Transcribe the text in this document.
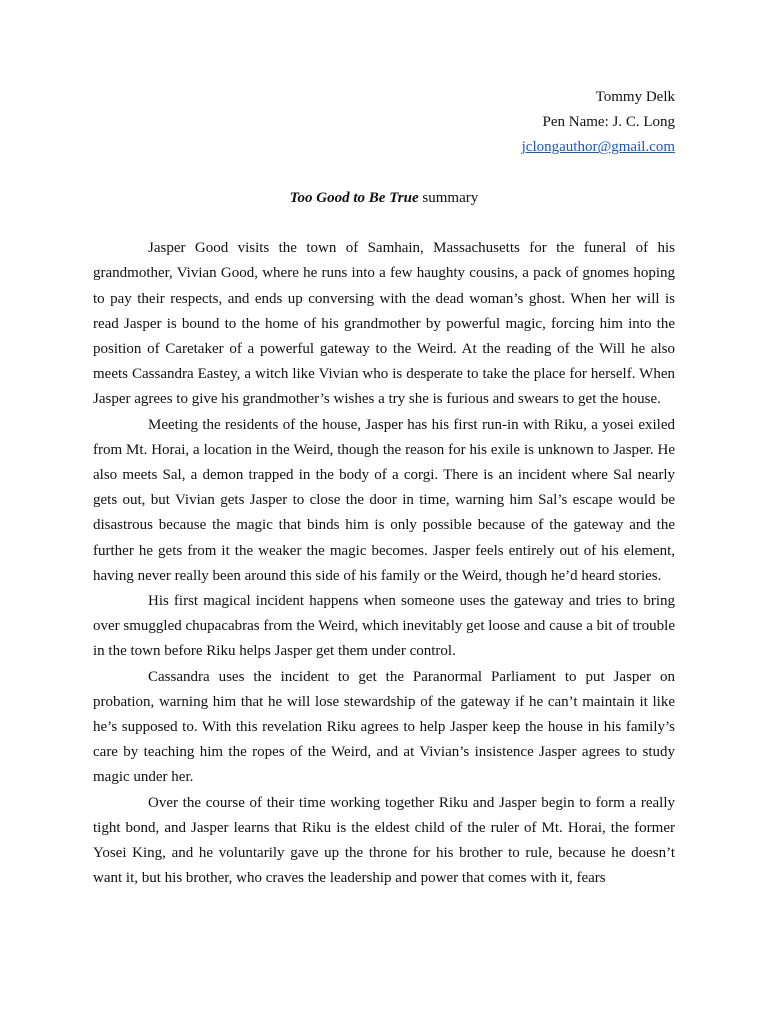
Tommy Delk
Pen Name: J. C. Long
jclongauthor@gmail.com
Too Good to Be True summary

Jasper Good visits the town of Samhain, Massachusetts for the funeral of his grandmother, Vivian Good, where he runs into a few haughty cousins, a pack of gnomes hoping to pay their respects, and ends up conversing with the dead woman’s ghost. When her will is read Jasper is bound to the home of his grandmother by powerful magic, forcing him into the position of Caretaker of a powerful gateway to the Weird. At the reading of the Will he also meets Cassandra Eastey, a witch like Vivian who is desperate to take the place for herself. When Jasper agrees to give his grandmother’s wishes a try she is furious and swears to get the house.

Meeting the residents of the house, Jasper has his first run-in with Riku, a yosei exiled from Mt. Horai, a location in the Weird, though the reason for his exile is unknown to Jasper. He also meets Sal, a demon trapped in the body of a corgi. There is an incident where Sal nearly gets out, but Vivian gets Jasper to close the door in time, warning him Sal’s escape would be disastrous because the magic that binds him is only possible because of the gateway and the further he gets from it the weaker the magic becomes. Jasper feels entirely out of his element, having never really been around this side of his family or the Weird, though he’d heard stories.

His first magical incident happens when someone uses the gateway and tries to bring over smuggled chupacabras from the Weird, which inevitably get loose and cause a bit of trouble in the town before Riku helps Jasper get them under control.

Cassandra uses the incident to get the Paranormal Parliament to put Jasper on probation, warning him that he will lose stewardship of the gateway if he can’t maintain it like he’s supposed to. With this revelation Riku agrees to help Jasper keep the house in his family’s care by teaching him the ropes of the Weird, and at Vivian’s insistence Jasper agrees to study magic under her.

Over the course of their time working together Riku and Jasper begin to form a really tight bond, and Jasper learns that Riku is the eldest child of the ruler of Mt. Horai, the former Yosei King, and he voluntarily gave up the throne for his brother to rule, because he doesn’t want it, but his brother, who craves the leadership and power that comes with it, fears
